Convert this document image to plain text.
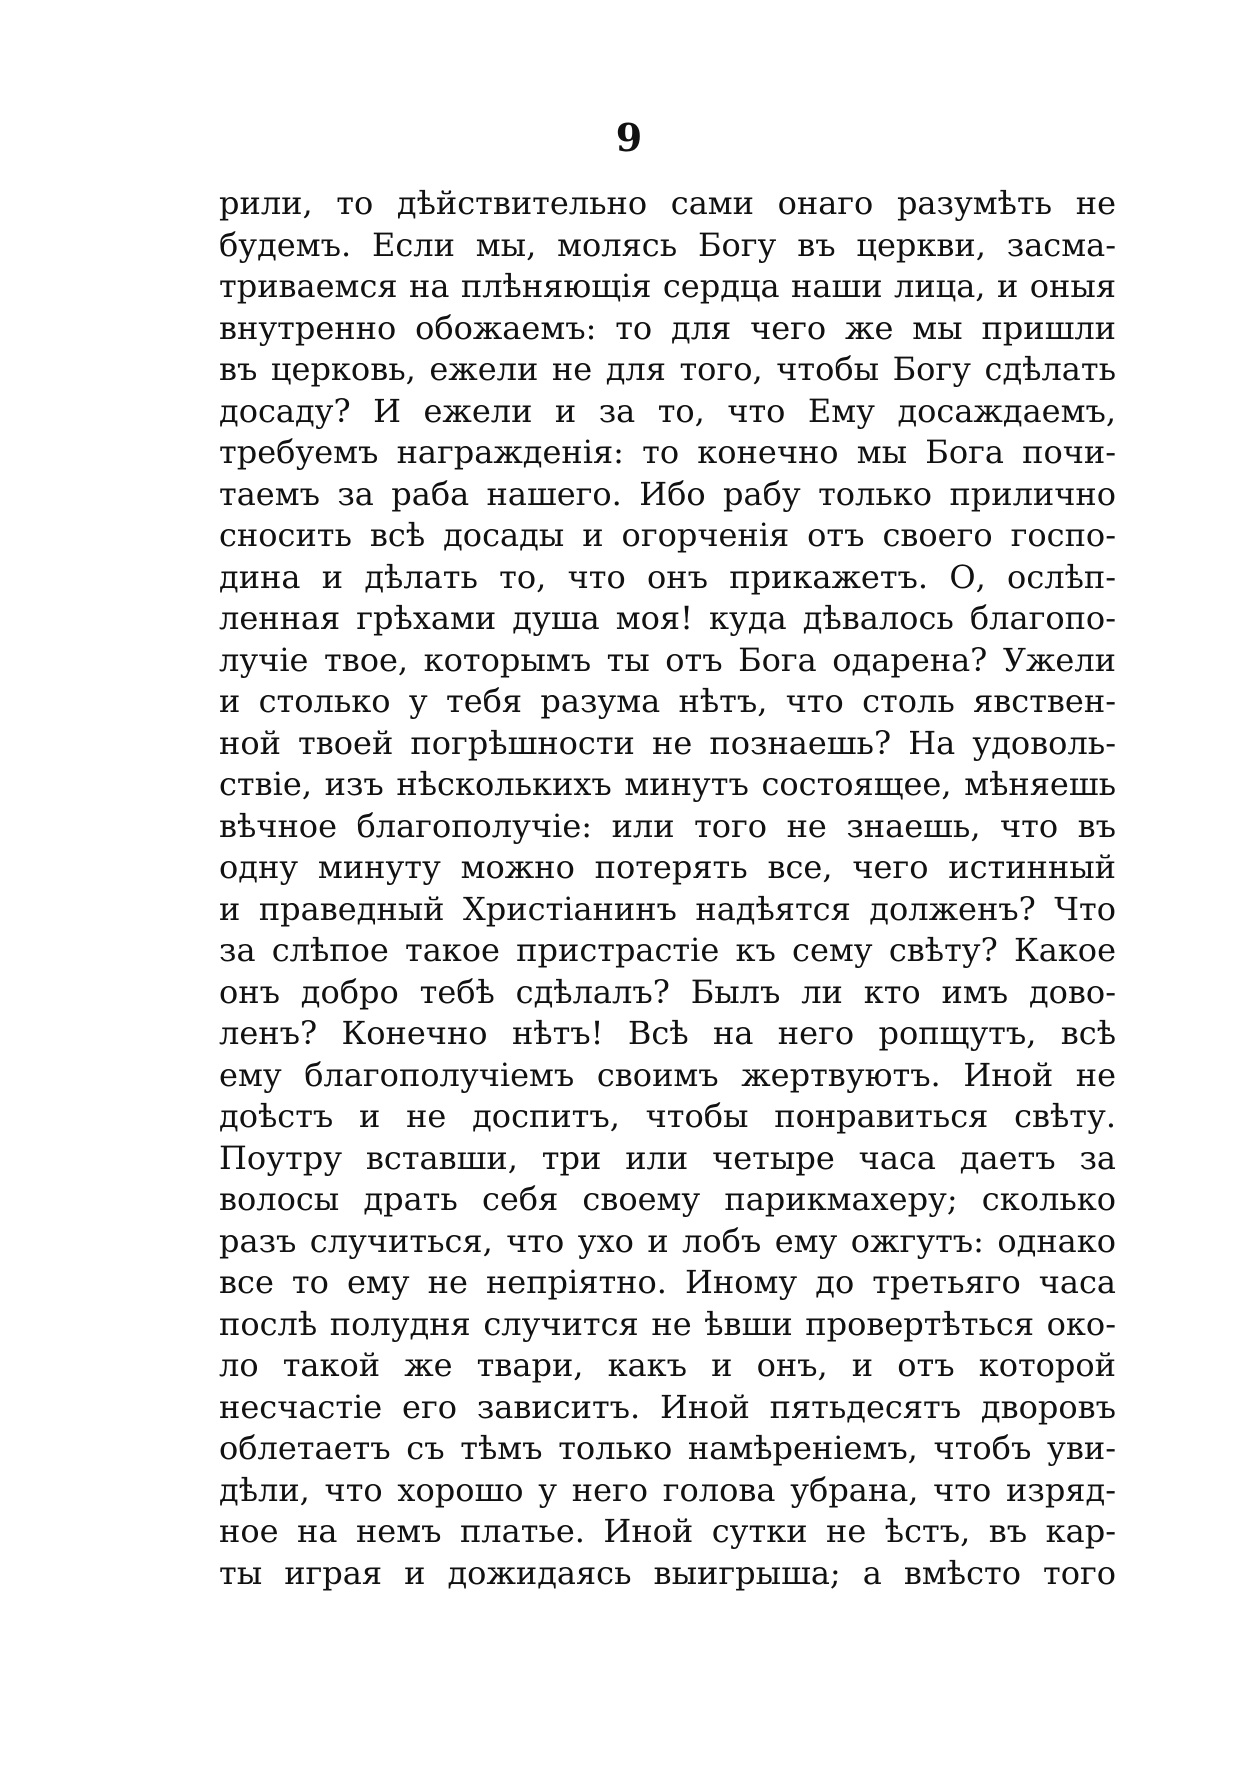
9
рили, то дѣйствительно сами онаго разумѣть не
будемъ. Если мы, молясь Богу въ церкви, засма-
триваемся на плѣняющія сердца наши лица, и оныя
внутренно обожаемъ: то для чего же мы пришли
въ церковь, ежели не для того, чтобы Богу сдѣлать
досаду? И ежели и за то, что Ему досаждаемъ,
требуемъ награжденія: то конечно мы Бога почи-
таемъ за раба нашего. Ибо рабу только прилично
сносить всѣ досады и огорченія отъ своего госпо-
дина и дѣлать то, что онъ прикажетъ. О, ослѣп-
ленная грѣхами душа моя! куда дѣвалось благопо-
лучіе твое, которымъ ты отъ Бога одарена? Ужели
и столько у тебя разума нѣтъ, что столь явствен-
ной твоей погрѣшности не познаешь? На удоволь-
ствіе, изъ нѣсколькихъ минутъ состоящее, мѣняешь
вѣчное благополучіе: или того не знаешь, что въ
одну минуту можно потерять все, чего истинный
и праведный Христіанинъ надѣятся долженъ? Что
за слѣпое такое пристрастіе къ сему свѣту? Какое
онъ добро тебѣ сдѣлалъ? Былъ ли кто имъ дово-
ленъ? Конечно нѣтъ! Всѣ на него ропщутъ, всѣ
ему благополучіемъ своимъ жертвуютъ. Иной не
доѣстъ и не доспитъ, чтобы понравиться свѣту.
Поутру вставши, три или четыре часа даетъ за
волосы драть себя своему парикмахеру; сколько
разъ случиться, что ухо и лобъ ему ожгутъ: однако
все то ему не непріятно. Иному до третьяго часа
послѣ полудня случится не ѣвши провертѣться око-
ло такой же твари, какъ и онъ, и отъ которой
несчастіе его зависитъ. Иной пятьдесятъ дворовъ
облетаетъ съ тѣмъ только намѣреніемъ, чтобъ уви-
дѣли, что хорошо у него голова убрана, что изряд-
ное на немъ платье. Иной сутки не ѣстъ, въ кар-
ты играя и дожидаясь выигрыша; а вмѣсто того
